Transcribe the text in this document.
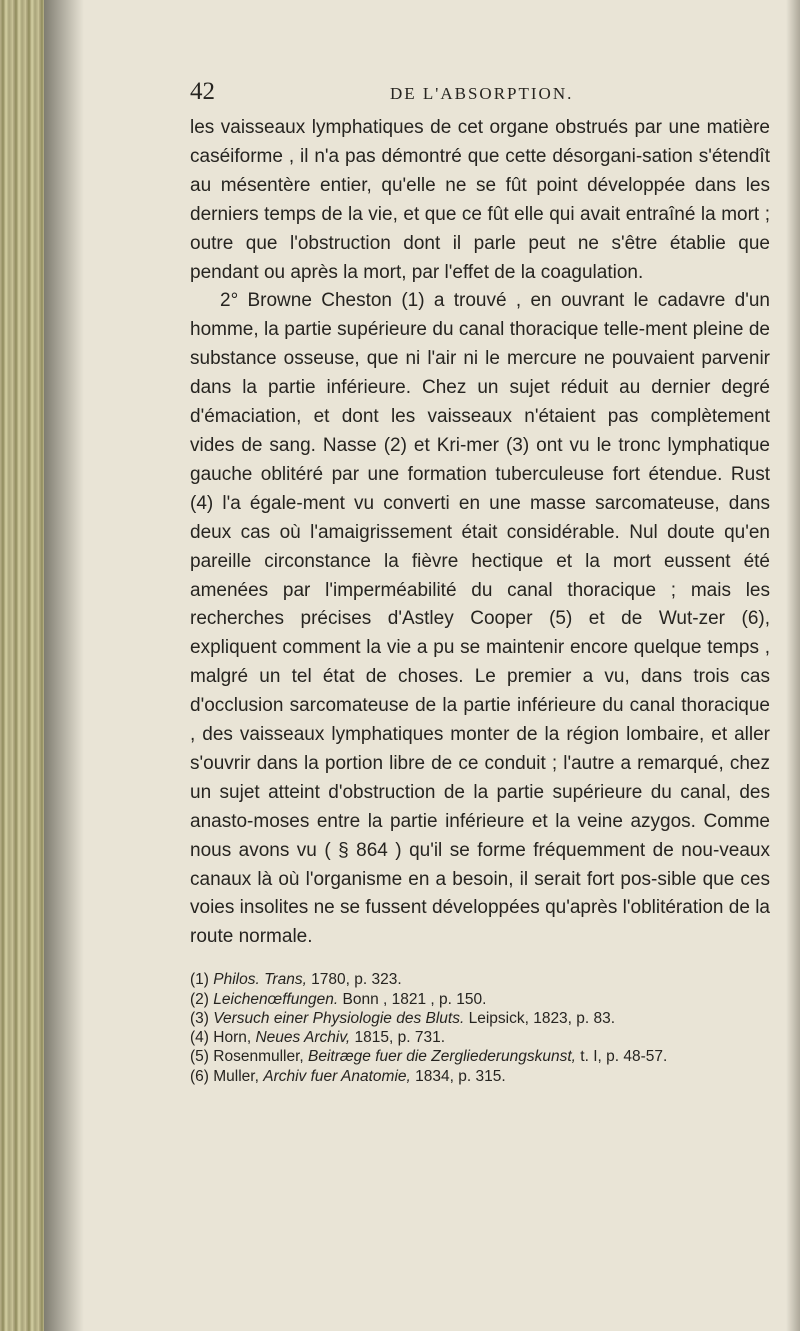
42	DE L'ABSORPTION.

les vaisseaux lymphatiques de cet organe obstrués par une matière caséiforme , il n'a pas démontré que cette désorgani-sation s'étendît au mésentère entier, qu'elle ne se fût point développée dans les derniers temps de la vie, et que ce fût elle qui avait entraîné la mort ; outre que l'obstruction dont il parle peut ne s'être établie que pendant ou après la mort, par l'effet de la coagulation.

2° Browne Cheston (1) a trouvé , en ouvrant le cadavre d'un homme, la partie supérieure du canal thoracique telle-ment pleine de substance osseuse, que ni l'air ni le mercure ne pouvaient parvenir dans la partie inférieure. Chez un sujet réduit au dernier degré d'émaciation, et dont les vaisseaux n'étaient pas complètement vides de sang. Nasse (2) et Kri-mer (3) ont vu le tronc lymphatique gauche oblitéré par une formation tuberculeuse fort étendue. Rust (4) l'a égale-ment vu converti en une masse sarcomateuse, dans deux cas où l'amaigrissement était considérable. Nul doute qu'en pareille circonstance la fièvre hectique et la mort eussent été amenées par l'imperméabilité du canal thoracique ; mais les recherches précises d'Astley Cooper (5) et de Wut-zer (6), expliquent comment la vie a pu se maintenir encore quelque temps , malgré un tel état de choses. Le premier a vu, dans trois cas d'occlusion sarcomateuse de la partie inférieure du canal thoracique , des vaisseaux lymphatiques monter de la région lombaire, et aller s'ouvrir dans la portion libre de ce conduit ; l'autre a remarqué, chez un sujet atteint d'obstruction de la partie supérieure du canal, des anasto-moses entre la partie inférieure et la veine azygos. Comme nous avons vu ( § 864 ) qu'il se forme fréquemment de nou-veaux canaux là où l'organisme en a besoin, il serait fort pos-sible que ces voies insolites ne se fussent développées qu'après l'oblitération de la route normale.

(1) Philos. Trans, 1780, p. 323.
(2) Leichenœffungen. Bonn , 1821 , p. 150.
(3) Versuch einer Physiologie des Bluts. Leipsick, 1823, p. 83.
(4) Horn, Neues Archiv, 1815, p. 731.
(5) Rosenmuller, Beitræge fuer die Zergliederungskunst, t. I, p. 48-57.
(6) Muller, Archiv fuer Anatomie, 1834, p. 315.
